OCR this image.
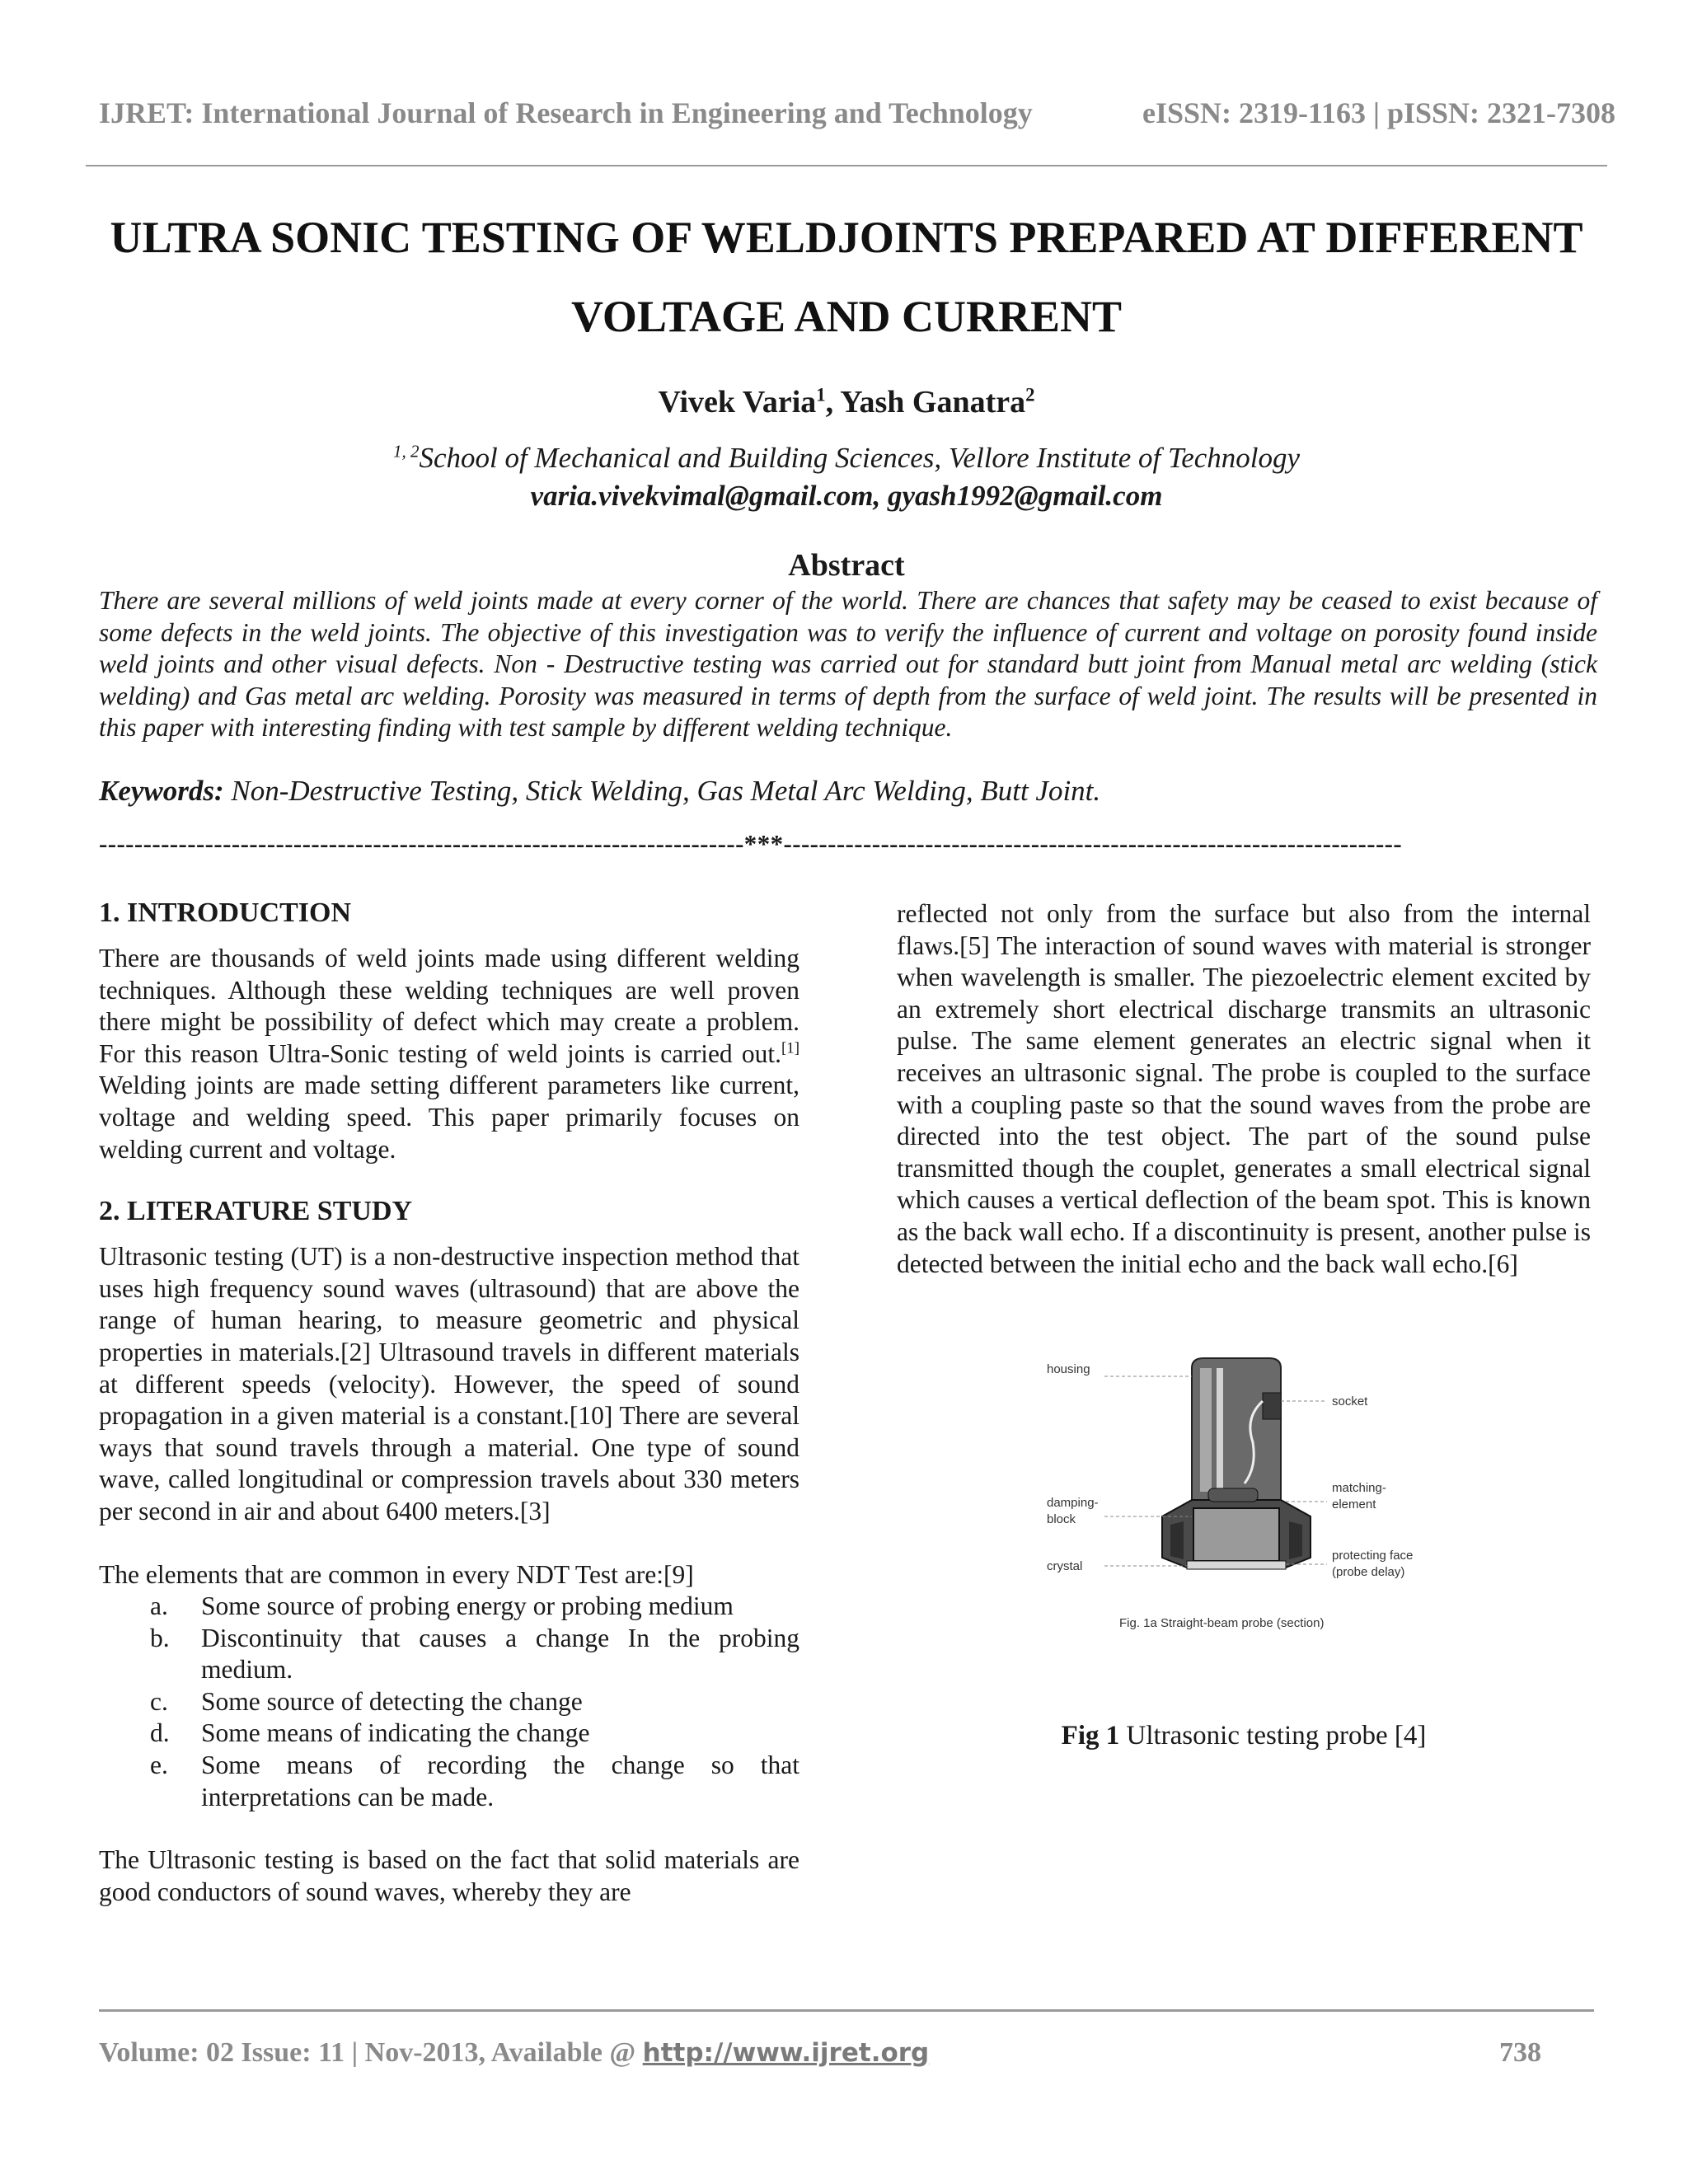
IJRET: International Journal of Research in Engineering and Technology	eISSN: 2319-1163 | pISSN: 2321-7308
ULTRA SONIC TESTING OF WELDJOINTS PREPARED AT DIFFERENT
VOLTAGE AND CURRENT
Vivek Varia$^1$, Yash Ganatra$^2$
$^{1, 2}$School of Mechanical and Building Sciences, Vellore Institute of Technology
varia.vivekvimal@gmail.com, gyash1992@gmail.com
Abstract
There are several millions of weld joints made at every corner of the world. There are chances that safety may be ceased to exist because of some defects in the weld joints. The objective of this investigation was to verify the influence of current and voltage on porosity found inside weld joints and other visual defects. Non - Destructive testing was carried out for standard butt joint from Manual metal arc welding (stick welding) and Gas metal arc welding. Porosity was measured in terms of depth from the surface of weld joint. The results will be presented in this paper with interesting finding with test sample by different welding technique.
Keywords: Non-Destructive Testing, Stick Welding, Gas Metal Arc Welding, Butt Joint.
-------------------------------------------------------------------------***----------------------------------------------------------------------
1. INTRODUCTION

There are thousands of weld joints made using different welding techniques. Although these welding techniques are well proven there might be possibility of defect which may create a problem. For this reason Ultra-Sonic testing of weld joints is carried out.[1] Welding joints are made setting different parameters like current, voltage and welding speed. This paper primarily focuses on welding current and voltage.

2. LITERATURE STUDY

Ultrasonic testing (UT) is a non-destructive inspection method that uses high frequency sound waves (ultrasound) that are above the range of human hearing, to measure geometric and physical properties in materials.[2] Ultrasound travels in different materials at different speeds (velocity). However, the speed of sound propagation in a given material is a constant.[10] There are several ways that sound travels through a material. One type of sound wave, called longitudinal or compression travels about 330 meters per second in air and about 6400 meters.[3]

The elements that are common in every NDT Test are:[9]

a. Some source of probing energy or probing medium
b. Discontinuity that causes a change In the probing medium.
c. Some source of detecting the change
d. Some means of indicating the change
e. Some means of recording the change so that interpretations can be made.

The Ultrasonic testing is based on the fact that solid materials are good conductors of sound waves, whereby they are

reflected not only from the surface but also from the internal flaws.[5] The interaction of sound waves with material is stronger when wavelength is smaller. The piezoelectric element excited by an extremely short electrical discharge transmits an ultrasonic pulse. The same element generates an electric signal when it receives an ultrasonic signal. The probe is coupled to the surface with a coupling paste so that the sound waves from the probe are directed into the test object. The part of the sound pulse transmitted though the couplet, generates a small electrical signal which causes a vertical deflection of the beam spot. This is known as the back wall echo. If a discontinuity is present, another pulse is detected between the initial echo and the back wall echo.[6]

housing
socket
matching-
element
damping-
block
crystal
protecting face
(probe delay)
Fig. 1a Straight-beam probe (section)
Fig 1 Ultrasonic testing probe [4]
Volume: 02 Issue: 11 | Nov-2013, Available @ http://www.ijret.org	738
